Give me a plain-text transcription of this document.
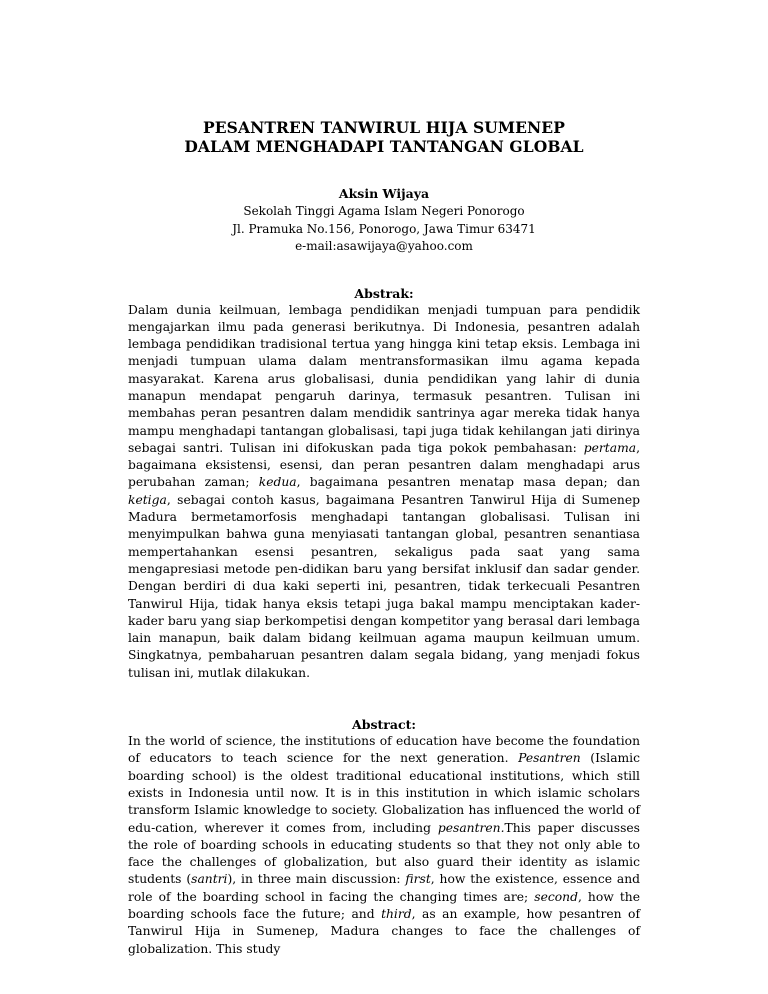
PESANTREN TANWIRUL HIJA SUMENEP
DALAM MENGHADAPI TANTANGAN GLOBAL

Aksin Wijaya

Sekolah Tinggi Agama Islam Negeri Ponorogo

Jl. Pramuka No.156, Ponorogo, Jawa Timur 63471

e-mail:asawijaya@yahoo.com

Abstrak:

Dalam dunia keilmuan, lembaga pendidikan menjadi tumpuan para pendidik mengajarkan ilmu pada generasi berikutnya. Di Indonesia, pesantren adalah lembaga pendidikan tradisional tertua yang hingga kini tetap eksis. Lembaga ini menjadi tumpuan ulama dalam mentransformasikan ilmu agama kepada masyarakat. Karena arus globalisasi, dunia pendidikan yang lahir di dunia manapun mendapat pengaruh darinya, termasuk pesantren. Tulisan ini membahas peran pesantren dalam mendidik santrinya agar mereka tidak hanya mampu menghadapi tantangan globalisasi, tapi juga tidak kehilangan jati dirinya sebagai santri. Tulisan ini difokuskan pada tiga pokok pembahasan: pertama, bagaimana eksistensi, esensi, dan peran pesantren dalam menghadapi arus perubahan zaman; kedua, bagaimana pesantren menatap masa depan; dan ketiga, sebagai contoh kasus, bagaimana Pesantren Tanwirul Hija di Sumenep Madura bermetamorfosis menghadapi tantangan globalisasi. Tulisan ini menyimpulkan bahwa guna menyiasati tantangan global, pesantren senantiasa mempertahankan esensi pesantren, sekaligus pada saat yang sama mengapresiasi metode pen-didikan baru yang bersifat inklusif dan sadar gender. Dengan berdiri di dua kaki seperti ini, pesantren, tidak terkecuali Pesantren Tanwirul Hija, tidak hanya eksis tetapi juga bakal mampu menciptakan kader-kader baru yang siap berkompetisi dengan kompetitor yang berasal dari lembaga lain manapun, baik dalam bidang keilmuan agama maupun keilmuan umum. Singkatnya, pembaharuan pesantren dalam segala bidang, yang menjadi fokus tulisan ini, mutlak dilakukan.

Abstract:

In the world of science, the institutions of education have become the foundation of educators to teach science for the next generation. Pesantren (Islamic boarding school) is the oldest traditional educational institutions, which still exists in Indonesia until now. It is in this institution in which islamic scholars transform Islamic knowledge to society. Globalization has influenced the world of edu-cation, wherever it comes from, including pesantren.This paper discusses the role of boarding schools in educating students so that they not only able to face the challenges of globalization, but also guard their identity as islamic students (santri), in three main discussion: first, how the existence, essence and role of the boarding school in facing the changing times are; second, how the boarding schools face the future; and third, as an example, how pesantren of Tanwirul Hija in Sumenep, Madura changes to face the challenges of globalization. This study
